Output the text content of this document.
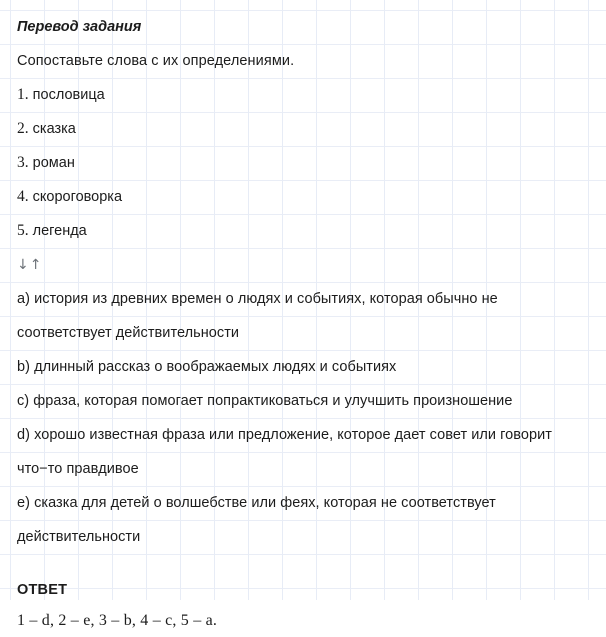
Перевод задания
Сопоставьте слова с их определениями.
1. пословица
2. сказка
3. роман
4. скороговорка
5. легенда
↓↑
a) история из древних времен о людях и событиях, которая обычно не соответствует действительности
b) длинный рассказ о воображаемых людях и событиях
c) фраза, которая помогает попрактиковаться и улучшить произношение
d) хорошо известная фраза или предложение, которое дает совет или говорит что−то правдивое
e) сказка для детей о волшебстве или феях, которая не соответствует действительности
ОТВЕТ
1 – d, 2 – e, 3 – b, 4 – c, 5 – a.
